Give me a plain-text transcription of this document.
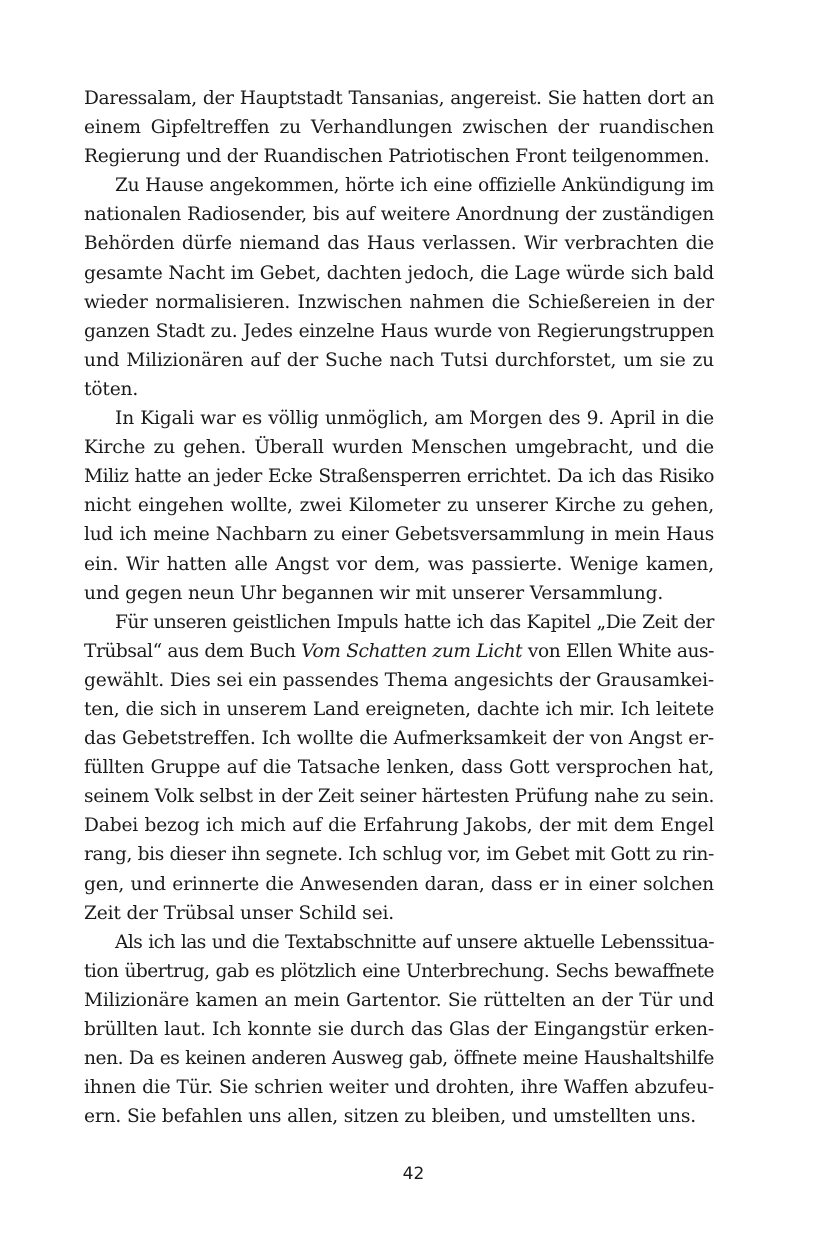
Daressalam, der Hauptstadt Tansanias, angereist. Sie hatten dort an
einem Gipfeltreffen zu Verhandlungen zwischen der ruandischen
Regierung und der Ruandischen Patriotischen Front teilgenommen.
Zu Hause angekommen, hörte ich eine offizielle Ankündigung im
nationalen Radiosender, bis auf weitere Anordnung der zuständigen
Behörden dürfe niemand das Haus verlassen. Wir verbrachten die
gesamte Nacht im Gebet, dachten jedoch, die Lage würde sich bald
wieder normalisieren. Inzwischen nahmen die Schießereien in der
ganzen Stadt zu. Jedes einzelne Haus wurde von Regierungstruppen
und Milizionären auf der Suche nach Tutsi durchforstet, um sie zu
töten.
In Kigali war es völlig unmöglich, am Morgen des 9. April in die
Kirche zu gehen. Überall wurden Menschen umgebracht, und die
Miliz hatte an jeder Ecke Straßensperren errichtet. Da ich das Risiko
nicht eingehen wollte, zwei Kilometer zu unserer Kirche zu gehen,
lud ich meine Nachbarn zu einer Gebetsversammlung in mein Haus
ein. Wir hatten alle Angst vor dem, was passierte. Wenige kamen,
und gegen neun Uhr begannen wir mit unserer Versammlung.
Für unseren geistlichen Impuls hatte ich das Kapitel „Die Zeit der
Trübsal“ aus dem Buch Vom Schatten zum Licht von Ellen White aus-
gewählt. Dies sei ein passendes Thema angesichts der Grausamkei-
ten, die sich in unserem Land ereigneten, dachte ich mir. Ich leitete
das Gebetstreffen. Ich wollte die Aufmerksamkeit der von Angst er-
füllten Gruppe auf die Tatsache lenken, dass Gott versprochen hat,
seinem Volk selbst in der Zeit seiner härtesten Prüfung nahe zu sein.
Dabei bezog ich mich auf die Erfahrung Jakobs, der mit dem Engel
rang, bis dieser ihn segnete. Ich schlug vor, im Gebet mit Gott zu rin-
gen, und erinnerte die Anwesenden daran, dass er in einer solchen
Zeit der Trübsal unser Schild sei.
Als ich las und die Textabschnitte auf unsere aktuelle Lebenssitua-
tion übertrug, gab es plötzlich eine Unterbrechung. Sechs bewaffnete
Milizionäre kamen an mein Gartentor. Sie rüttelten an der Tür und
brüllten laut. Ich konnte sie durch das Glas der Eingangstür erken-
nen. Da es keinen anderen Ausweg gab, öffnete meine Haushaltshilfe
ihnen die Tür. Sie schrien weiter und drohten, ihre Waffen abzufeu-
ern. Sie befahlen uns allen, sitzen zu bleiben, und umstellten uns.
42
